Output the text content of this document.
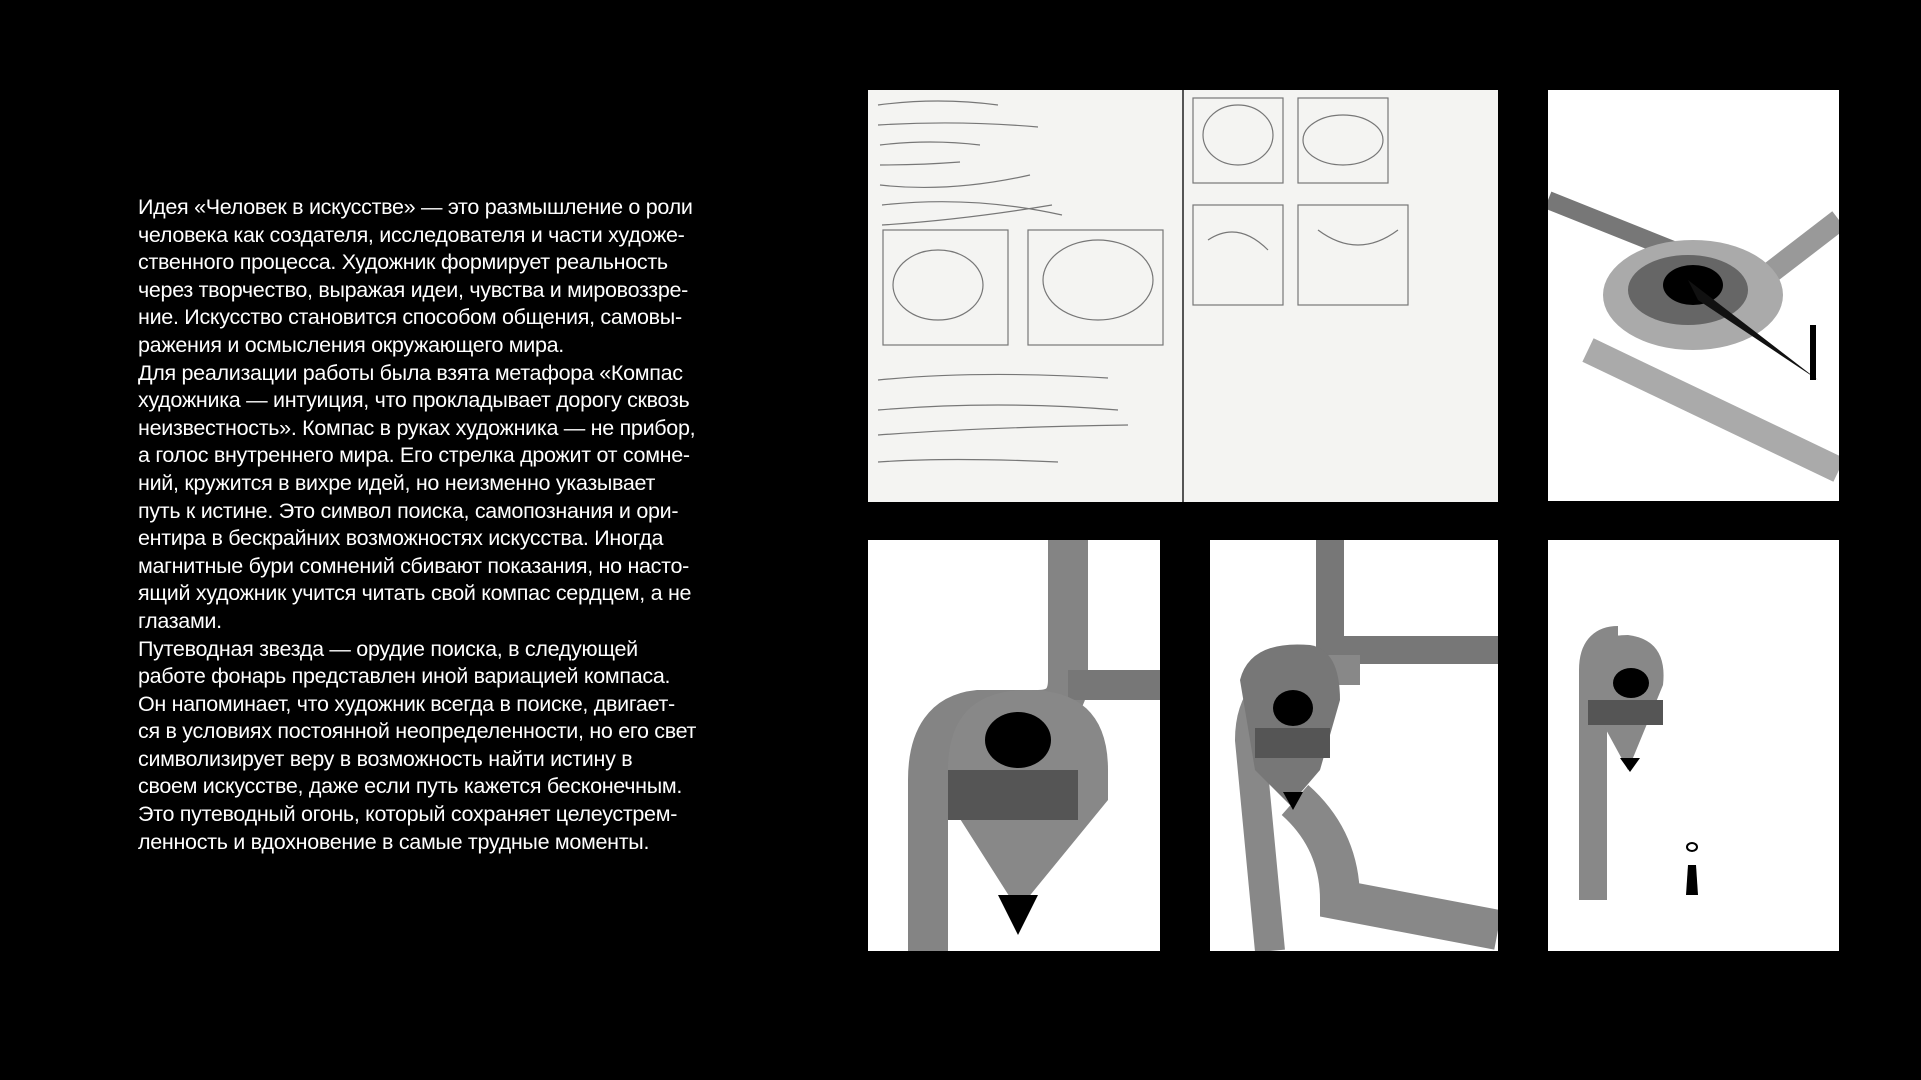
Идея «Человек в искусстве» — это размышление о роли
человека как создателя, исследователя и части художе-
ственного процесса. Художник формирует реальность
через творчество, выражая идеи, чувства и мировоззре-
ние. Искусство становится способом общения, самовы-
ражения и осмысления окружающего мира.
Для реализации работы была взята метафора «Компас
художника — интуиция, что прокладывает дорогу сквозь
неизвестность». Компас в руках художника — не прибор,
а голос внутреннего мира. Его стрелка дрожит от сомне-
ний, кружится в вихре идей, но неизменно указывает
путь к истине. Это символ поиска, самопознания и ори-
ентира в бескрайних возможностях искусства. Иногда
магнитные бури сомнений сбивают показания, но насто-
ящий художник учится читать свой компас сердцем, а не
глазами.
Путеводная звезда — орудие поиска, в следующей
работе фонарь представлен иной вариацией компаса.
Он напоминает, что художник всегда в поиске, двигает-
ся в условиях постоянной неопределенности, но его свет
символизирует веру в возможность найти истину в
своем искусстве, даже если путь кажется бесконечным.
Это путеводный огонь, который сохраняет целеустрем-
ленность и вдохновение в самые трудные моменты.
